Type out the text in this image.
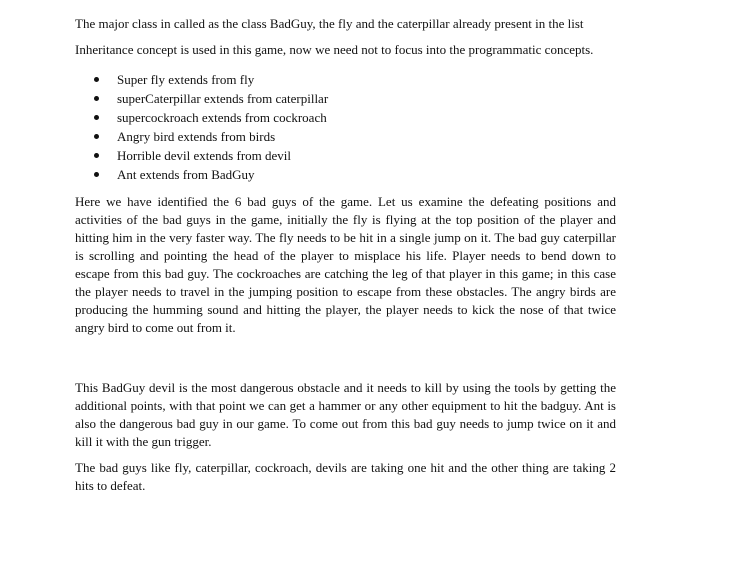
The major class in called as the class BadGuy, the fly and the caterpillar already present in the list

Inheritance concept is used in this game, now we need not to focus into the programmatic concepts.

Super fly extends from fly
superCaterpillar extends from caterpillar
supercockroach extends from cockroach
Angry bird extends from birds
Horrible devil extends from devil
Ant extends from BadGuy

Here we have identified the 6 bad guys of the game. Let us examine the defeating positions and activities of the bad guys in the game, initially the fly is flying at the top position of the player and hitting him in the very faster way. The fly needs to be hit in a single jump on it. The bad guy caterpillar is scrolling and pointing the head of the player to misplace his life. Player needs to bend down to escape from this bad guy. The cockroaches are catching the leg of that player in this game; in this case the player needs to travel in the jumping position to escape from these obstacles. The angry birds are producing the humming sound and hitting the player, the player needs to kick the nose of that twice angry bird to come out from it.

This BadGuy devil is the most dangerous obstacle and it needs to kill by using the tools by getting the additional points, with that point we can get a hammer or any other equipment to hit the badguy. Ant is also the dangerous bad guy in our game. To come out from this bad guy needs to jump twice on it and kill it with the gun trigger.

The bad guys like fly, caterpillar, cockroach, devils are taking one hit and the other thing are taking 2 hits to defeat.
